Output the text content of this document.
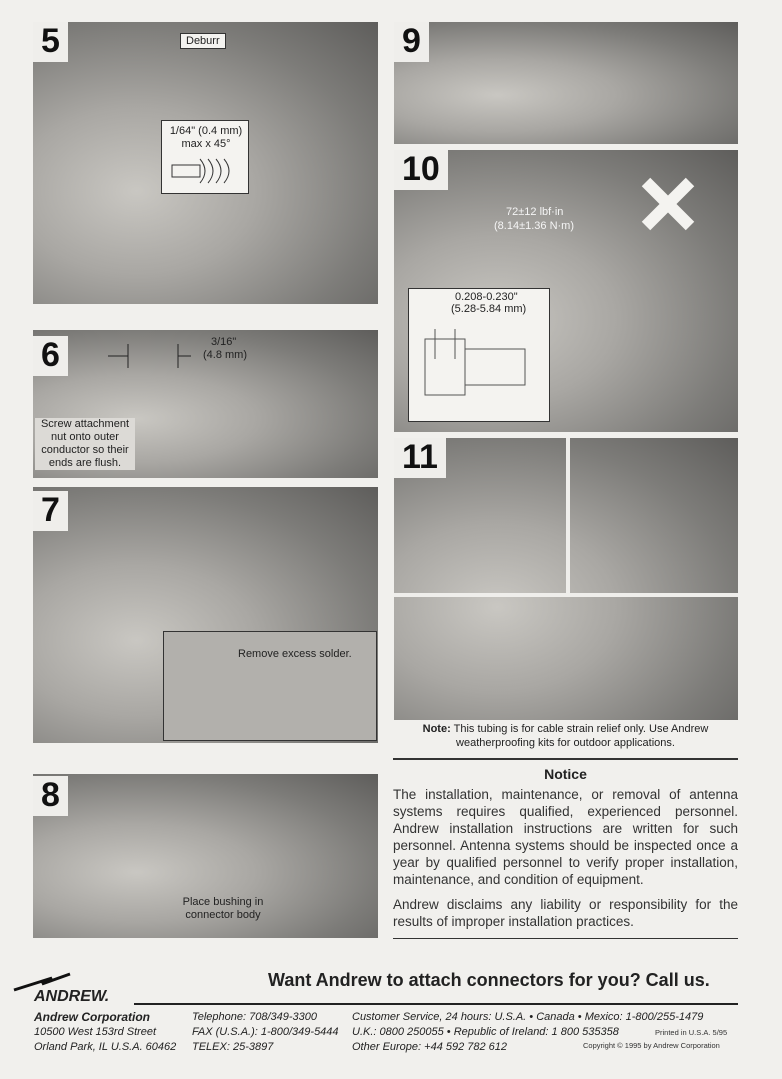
5	Deburr
1/64" (0.4 mm)
max x 45°
6	3/16"
(4.8 mm)
Screw attachment nut onto outer conductor so their ends are flush.
7
Remove excess solder.
8
Place bushing in connector body
9
10
72±12 lbf·in
(8.14±1.36 N·m)
0.208-0.230"
(5.28-5.84 mm)
11
Note: This tubing is for cable strain relief only. Use Andrew weatherproofing kits for outdoor applications.
Notice

The installation, maintenance, or removal of antenna systems requires qualified, experienced personnel. Andrew installation instructions are written for such personnel. Antenna systems should be inspected once a year by qualified personnel to verify proper installation, maintenance, and condition of equipment.

Andrew disclaims any liability or responsibility for the results of improper installation practices.

Want Andrew to attach connectors for you? Call us.
ANDREW.
Andrew Corporation
10500 West 153rd Street
Orland Park, IL U.S.A. 60462
Telephone: 708/349-3300
FAX (U.S.A.): 1-800/349-5444
TELEX: 25-3897
Customer Service, 24 hours: U.S.A. • Canada • Mexico: 1-800/255-1479
U.K.: 0800 250055 • Republic of Ireland: 1 800 535358
Other Europe: +44 592 782 612
Printed in U.S.A. 5/95
Copyright © 1995 by Andrew Corporation
